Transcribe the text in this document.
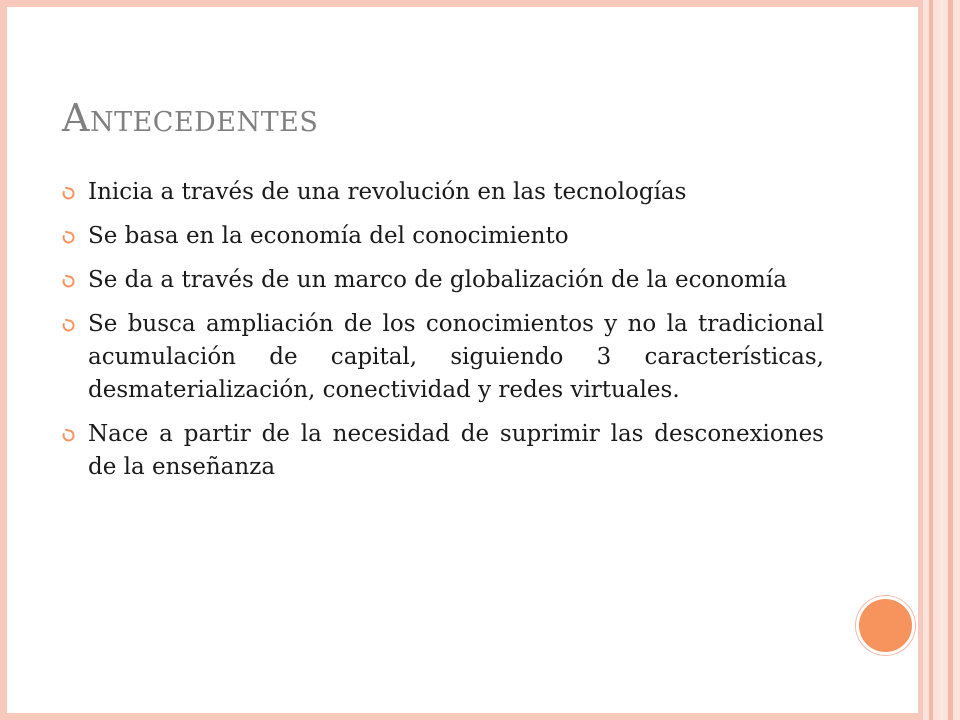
Antecedentes
Inicia a través de una revolución en las tecnologías
Se basa en la economía del conocimiento
Se da a través de un marco de globalización de la economía
Se busca ampliación de los conocimientos y no la tradicional acumulación de capital, siguiendo 3 características, desmaterialización, conectividad y redes virtuales.
Nace a partir de la necesidad de suprimir las desconexiones de la enseñanza
